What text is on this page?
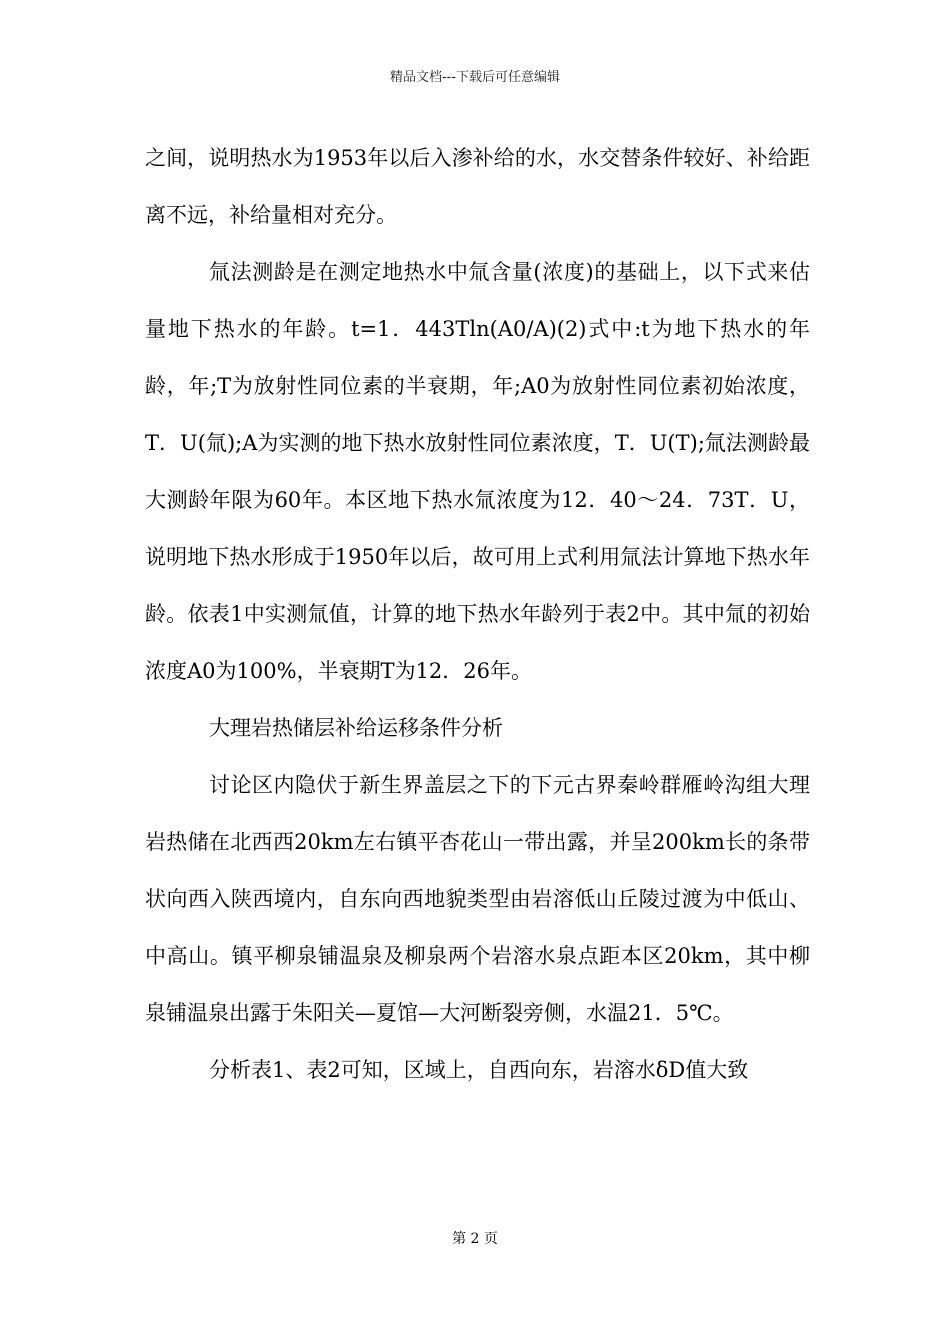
精品文档---下载后可任意编辑

之间，说明热水为1953年以后入渗补给的水，水交替条件较好、补给距离不远，补给量相对充分。

氚法测龄是在测定地热水中氚含量(浓度)的基础上，以下式来估量地下热水的年龄。t=1．443Tln(A0/A)(2)式中:t为地下热水的年龄，年;T为放射性同位素的半衰期，年;A0为放射性同位素初始浓度，T．U(氚);A为实测的地下热水放射性同位素浓度，T．U(T);氚法测龄最大测龄年限为60年。本区地下热水氚浓度为12．40～24．73T．U，说明地下热水形成于1950年以后，故可用上式利用氚法计算地下热水年龄。依表1中实测氚值，计算的地下热水年龄列于表2中。其中氚的初始浓度A0为100%，半衰期T为12．26年。

大理岩热储层补给运移条件分析

讨论区内隐伏于新生界盖层之下的下元古界秦岭群雁岭沟组大理岩热储在北西西20km左右镇平杏花山一带出露，并呈200km长的条带状向西入陕西境内，自东向西地貌类型由岩溶低山丘陵过渡为中低山、中高山。镇平柳泉铺温泉及柳泉两个岩溶水泉点距本区20km，其中柳泉铺温泉出露于朱阳关—夏馆—大河断裂旁侧，水温21．5℃。

分析表1、表2可知，区域上，自西向东，岩溶水δD值大致

第 2 页
